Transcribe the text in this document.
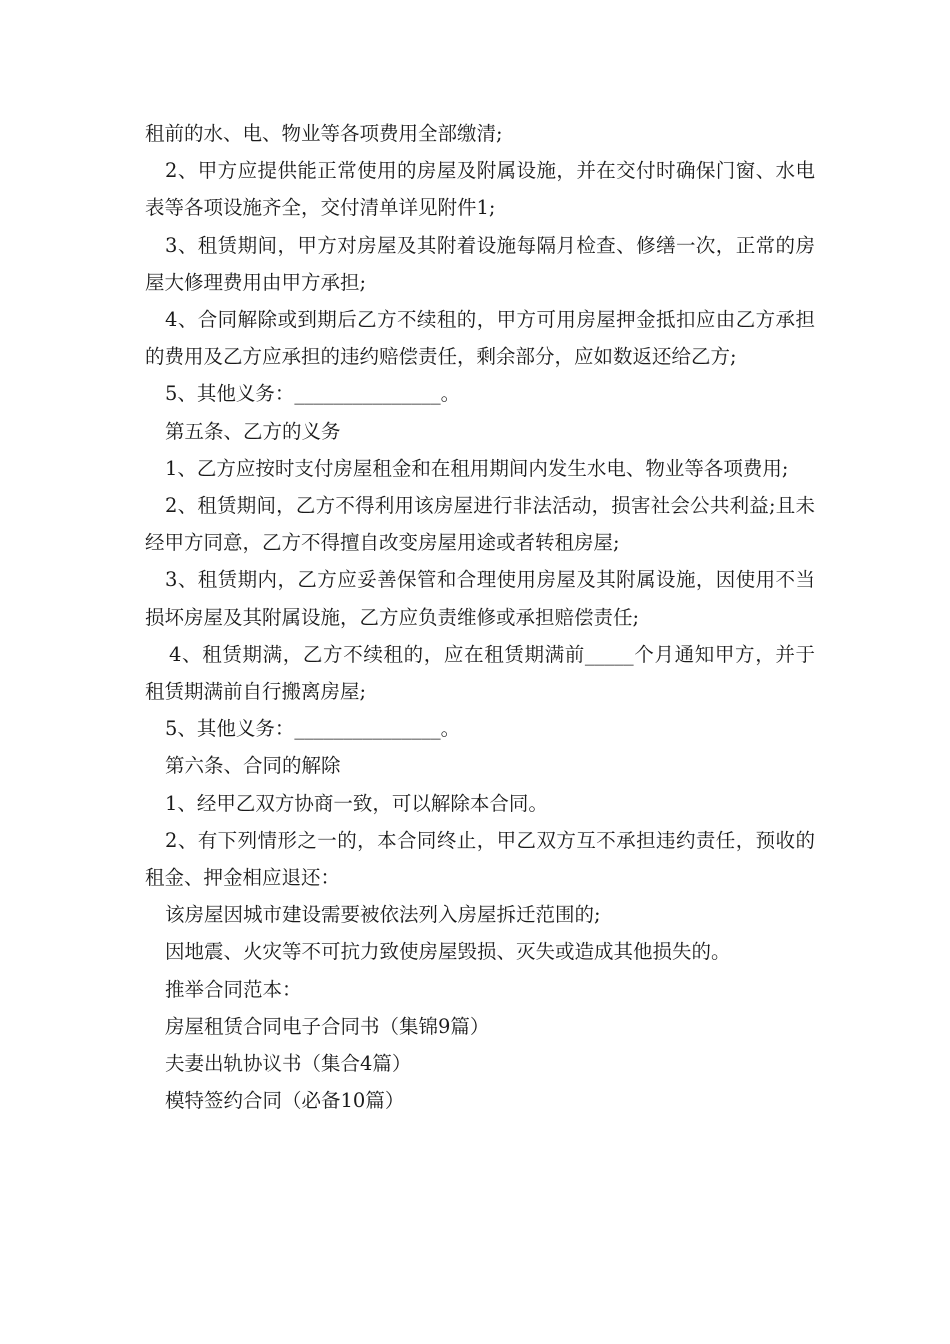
租前的水、电、物业等各项费用全部缴清;

2、甲方应提供能正常使用的房屋及附属设施，并在交付时确保门窗、水电表等各项设施齐全，交付清单详见附件1;

3、租赁期间，甲方对房屋及其附着设施每隔月检查、修缮一次，正常的房屋大修理费用由甲方承担;

4、合同解除或到期后乙方不续租的，甲方可用房屋押金抵扣应由乙方承担的费用及乙方应承担的违约赔偿责任，剩余部分，应如数返还给乙方;

5、其他义务：_______________。

第五条、乙方的义务

1、乙方应按时支付房屋租金和在租用期间内发生水电、物业等各项费用;

2、租赁期间，乙方不得利用该房屋进行非法活动，损害社会公共利益;且未经甲方同意，乙方不得擅自改变房屋用途或者转租房屋;

3、租赁期内，乙方应妥善保管和合理使用房屋及其附属设施，因使用不当损坏房屋及其附属设施，乙方应负责维修或承担赔偿责任;

4、租赁期满，乙方不续租的，应在租赁期满前_____个月通知甲方，并于租赁期满前自行搬离房屋;

5、其他义务：_______________。

第六条、合同的解除

1、经甲乙双方协商一致，可以解除本合同。

2、有下列情形之一的，本合同终止，甲乙双方互不承担违约责任，预收的租金、押金相应退还：

该房屋因城市建设需要被依法列入房屋拆迁范围的;

因地震、火灾等不可抗力致使房屋毁损、灭失或造成其他损失的。

推举合同范本：

房屋租赁合同电子合同书（集锦9篇）

夫妻出轨协议书（集合4篇）

模特签约合同（必备10篇）
